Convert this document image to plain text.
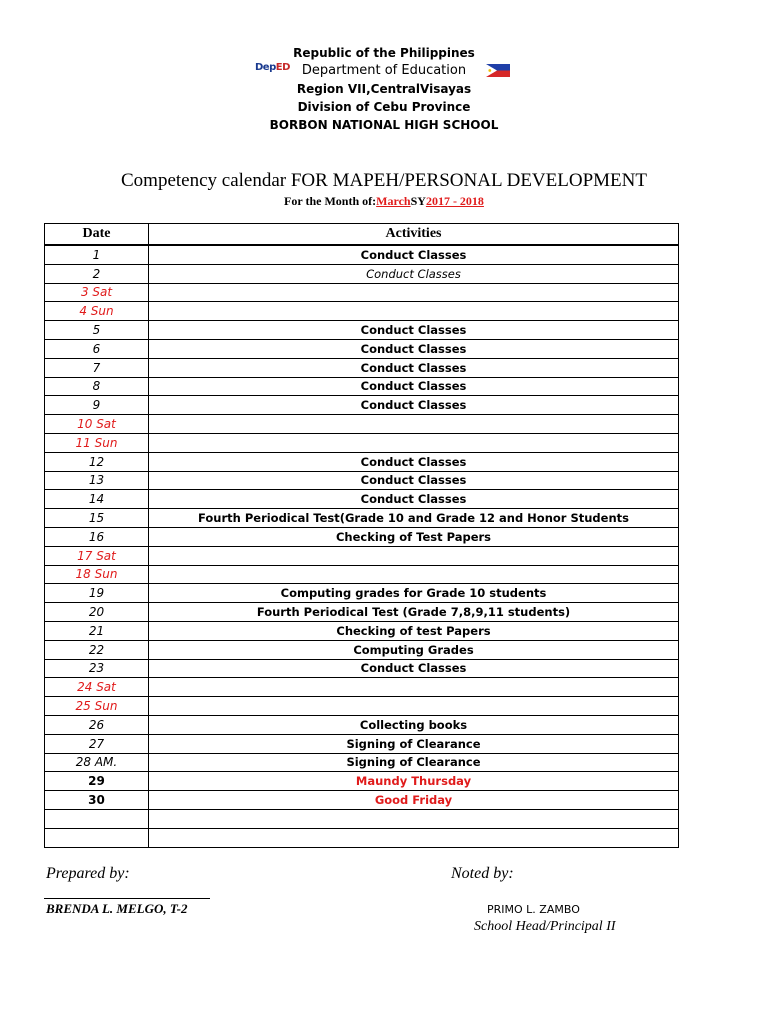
Republic of the Philippines
Department of Education
Region VII,CentralVisayas
Division of Cebu Province
BORBON NATIONAL HIGH SCHOOL
DepED
Competency calendar FOR MAPEH/PERSONAL DEVELOPMENT
For the Month of:MarchSY2017 - 2018
Date	Activities
1	Conduct Classes
2	Conduct Classes
3 Sat	
4 Sun	
5	Conduct Classes
6	Conduct Classes
7	Conduct Classes
8	Conduct Classes
9	Conduct Classes
10 Sat	
11 Sun	
12	Conduct Classes
13	Conduct Classes
14	Conduct Classes
15	Fourth Periodical Test(Grade 10 and Grade 12 and Honor Students
16	Checking of Test Papers
17 Sat	
18 Sun	
19	Computing grades for Grade 10 students
20	Fourth Periodical Test (Grade 7,8,9,11 students)
21	Checking of test Papers
22	Computing Grades
23	Conduct Classes
24 Sat	
25 Sun	
26	Collecting books
27	Signing of Clearance
28 AM.	Signing of Clearance
29	Maundy Thursday
30	Good Friday

Prepared by:	Noted by:
BRENDA L. MELGO, T-2	PRIMO L. ZAMBO
School Head/Principal II
